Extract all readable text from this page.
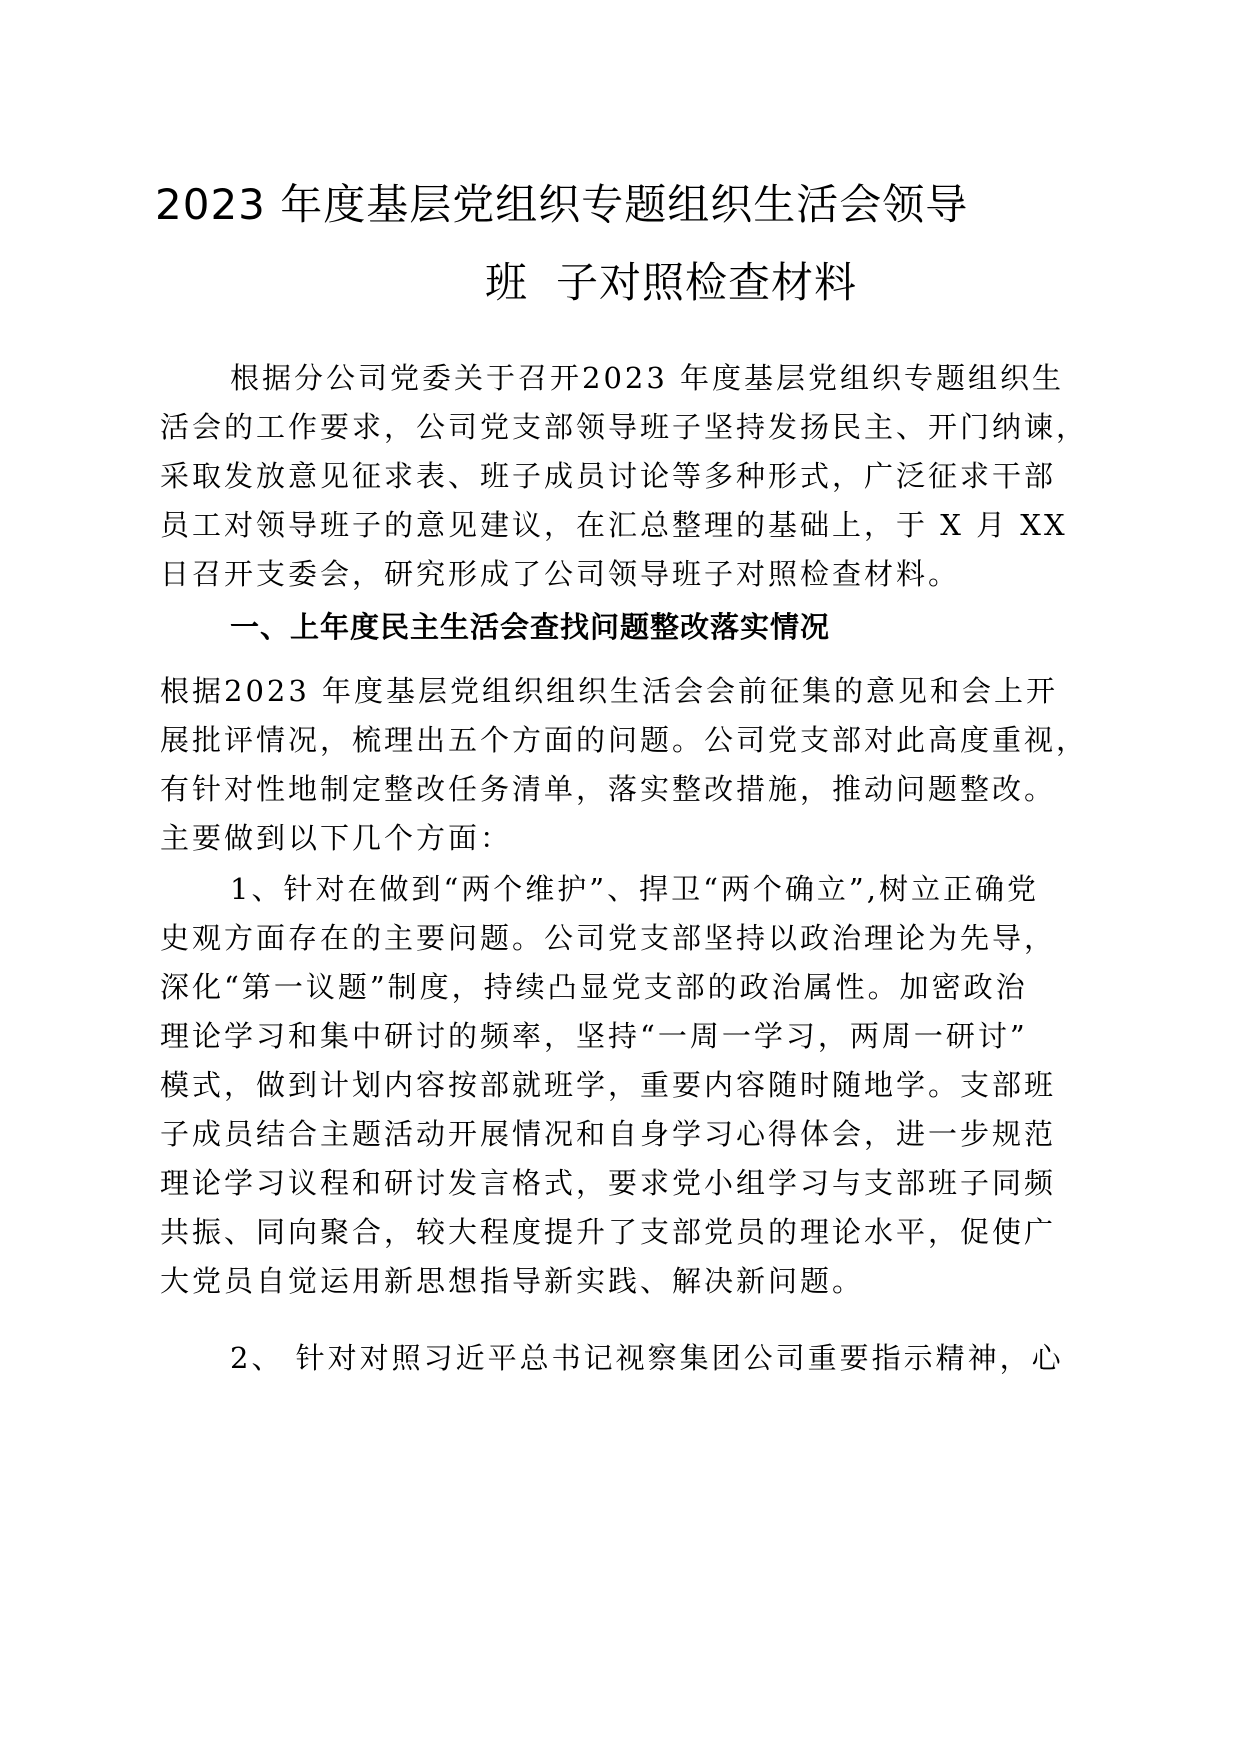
2023 年度基层党组织专题组织生活会领导
班 子对照检查材料
根据分公司党委关于召开2023 年度基层党组织专题组织生
活会的工作要求，公司党支部领导班子坚持发扬民主、开门纳谏，
采取发放意见征求表、班子成员讨论等多种形式，广泛征求干部
员工对领导班子的意见建议，在汇总整理的基础上，于 X 月 XX
日召开支委会，研究形成了公司领导班子对照检查材料。
一、上年度民主生活会查找问题整改落实情况
根据2023 年度基层党组织组织生活会会前征集的意见和会上开
展批评情况，梳理出五个方面的问题。公司党支部对此高度重视，
有针对性地制定整改任务清单，落实整改措施，推动问题整改。
主要做到以下几个方面：
1、针对在做到“两个维护”、捍卫“两个确立”,树立正确党
史观方面存在的主要问题。公司党支部坚持以政治理论为先导，
深化“第一议题”制度，持续凸显党支部的政治属性。加密政治
理论学习和集中研讨的频率，坚持“一周一学习，两周一研讨”
模式，做到计划内容按部就班学，重要内容随时随地学。支部班
子成员结合主题活动开展情况和自身学习心得体会，进一步规范
理论学习议程和研讨发言格式，要求党小组学习与支部班子同频
共振、同向聚合，较大程度提升了支部党员的理论水平，促使广
大党员自觉运用新思想指导新实践、解决新问题。
2、 针对对照习近平总书记视察集团公司重要指示精神，心
